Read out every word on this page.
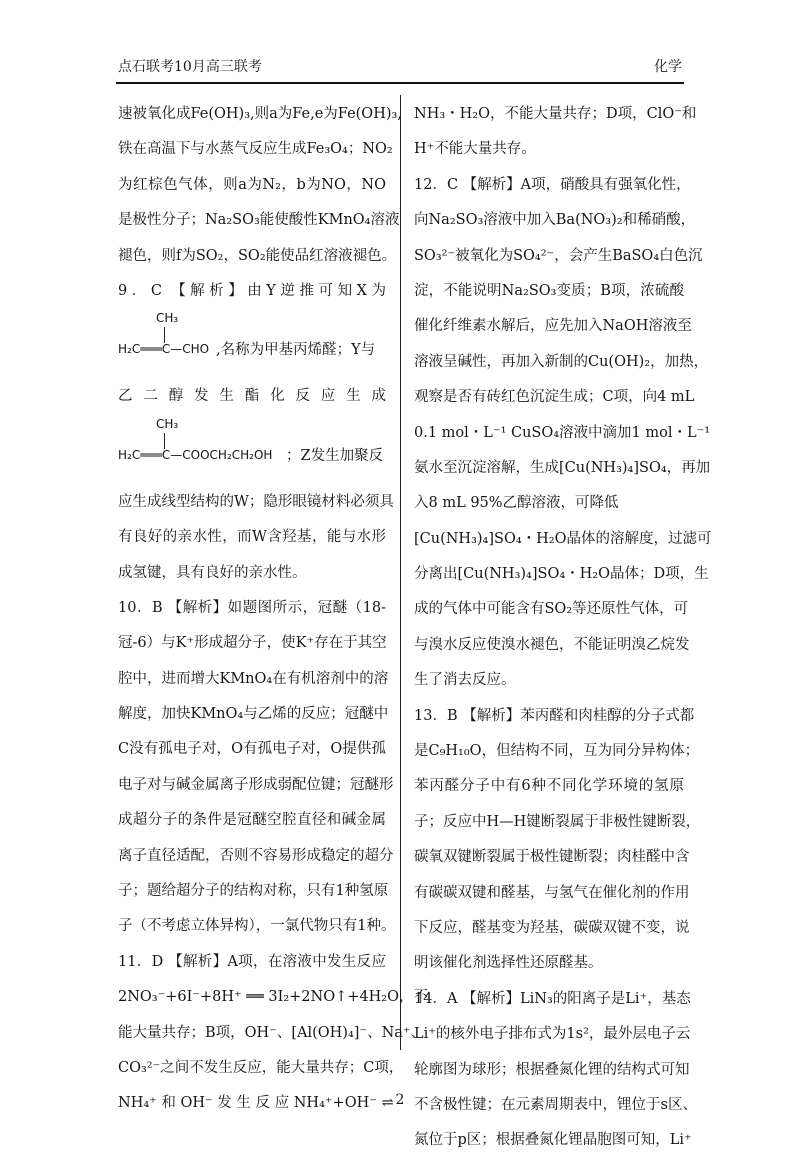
点石联考10月高三联考	化学
速被氧化成Fe(OH)₃,则a为Fe,e为Fe(OH)₃,
铁在高温下与水蒸气反应生成Fe₃O₄；NO₂
为红棕色气体，则a为N₂，b为NO，NO
是极性分子；Na₂SO₃能使酸性KMnO₄溶液
褪色，则f为SO₂，SO₂能使品红溶液褪色。
9．C 【解析】由Y逆推可知X为
CH₃
H₂C═══C—CHO ,名称为甲基丙烯醛；Y与
乙 二 醇 发 生 酯 化 反 应 生 成
CH₃
H₂C═══C—COOCH₂CH₂OH ；Z发生加聚反
应生成线型结构的W；隐形眼镜材料必须具
有良好的亲水性，而W含羟基，能与水形
成氢键，具有良好的亲水性。
10．B 【解析】如题图所示，冠醚（18-
冠-6）与K⁺形成超分子，使K⁺存在于其空
腔中，进而增大KMnO₄在有机溶剂中的溶
解度，加快KMnO₄与乙烯的反应；冠醚中
C没有孤电子对，O有孤电子对，O提供孤
电子对与碱金属离子形成弱配位键；冠醚形
成超分子的条件是冠醚空腔直径和碱金属
离子直径适配，否则不容易形成稳定的超分
子；题给超分子的结构对称，只有1种氢原
子（不考虑立体异构），一氯代物只有1种。
11．D 【解析】A项，在溶液中发生反应
2NO₃⁻+6I⁻+8H⁺ ══ 3I₂+2NO↑+4H₂O，不
能大量共存；B项，OH⁻、[Al(OH)₄]⁻、Na⁺、
CO₃²⁻之间不发生反应，能大量共存；C项，
NH₄⁺ 和 OH⁻ 发 生 反 应 NH₄⁺+OH⁻ ⇌
NH₃・H₂O，不能大量共存；D项，ClO⁻和
H⁺不能大量共存。
12．C 【解析】A项，硝酸具有强氧化性，
向Na₂SO₃溶液中加入Ba(NO₃)₂和稀硝酸，
SO₃²⁻被氧化为SO₄²⁻，会产生BaSO₄白色沉
淀，不能说明Na₂SO₃变质；B项，浓硫酸
催化纤维素水解后，应先加入NaOH溶液至
溶液呈碱性，再加入新制的Cu(OH)₂，加热，
观察是否有砖红色沉淀生成；C项，向4 mL
0.1 mol・L⁻¹ CuSO₄溶液中滴加1 mol・L⁻¹
氨水至沉淀溶解，生成[Cu(NH₃)₄]SO₄，再加
入8 mL 95%乙醇溶液，可降低
[Cu(NH₃)₄]SO₄・H₂O晶体的溶解度，过滤可
分离出[Cu(NH₃)₄]SO₄・H₂O晶体；D项，生
成的气体中可能含有SO₂等还原性气体，可
与溴水反应使溴水褪色，不能证明溴乙烷发
生了消去反应。
13．B 【解析】苯丙醛和肉桂醇的分子式都
是C₉H₁₀O，但结构不同，互为同分异构体；
苯丙醛分子中有6种不同化学环境的氢原
子；反应中H—H键断裂属于非极性键断裂，
碳氧双键断裂属于极性键断裂；肉桂醛中含
有碳碳双键和醛基，与氢气在催化剂的作用
下反应，醛基变为羟基，碳碳双键不变，说
明该催化剂选择性还原醛基。
14．A 【解析】LiN₃的阳离子是Li⁺，基态
Li⁺的核外电子排布式为1s²，最外层电子云
轮廓图为球形；根据叠氮化锂的结构式可知
不含极性键；在元素周期表中，锂位于s区、
氮位于p区；根据叠氮化锂晶胞图可知，Li⁺
2
